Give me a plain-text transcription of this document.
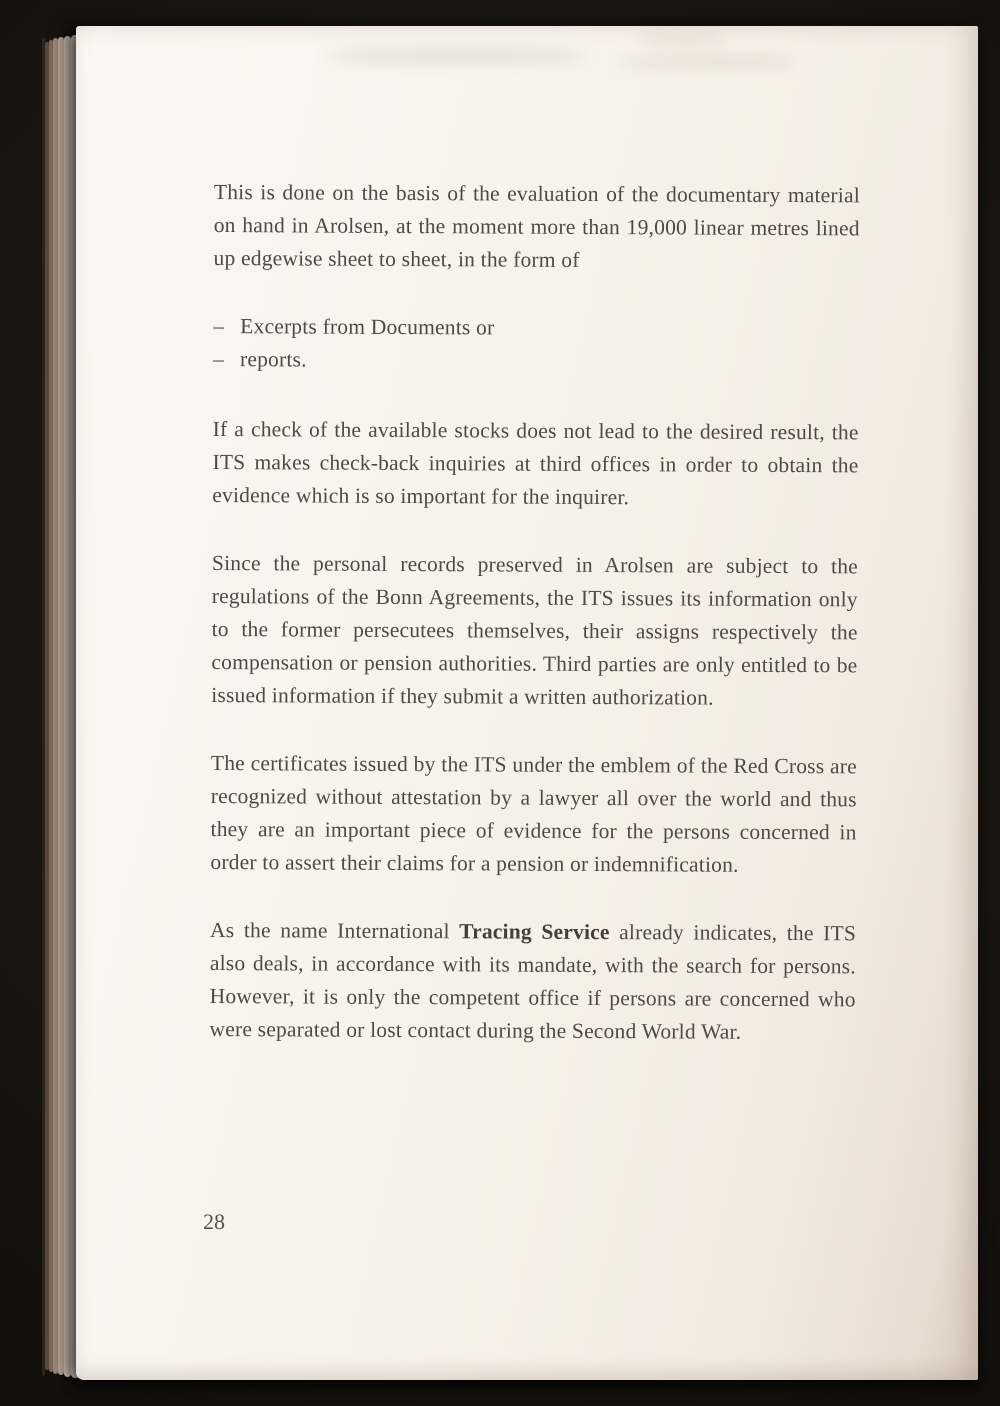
This is done on the basis of the evaluation of the documentary material on hand in Arolsen, at the moment more than 19,000 linear metres lined up edgewise sheet to sheet, in the form of

– Excerpts from Documents or
– reports.

If a check of the available stocks does not lead to the desired result, the ITS makes check-back inquiries at third offices in order to obtain the evidence which is so important for the inquirer.

Since the personal records preserved in Arolsen are subject to the regulations of the Bonn Agreements, the ITS issues its information only to the former persecutees themselves, their assigns respectively the compensation or pension authorities. Third parties are only entitled to be issued information if they submit a written authorization.

The certificates issued by the ITS under the emblem of the Red Cross are recognized without attestation by a lawyer all over the world and thus they are an important piece of evidence for the persons concerned in order to assert their claims for a pension or indemnification.

As the name International Tracing Service already indicates, the ITS also deals, in accordance with its mandate, with the search for persons. However, it is only the competent office if persons are concerned who were separated or lost contact during the Second World War.

28
